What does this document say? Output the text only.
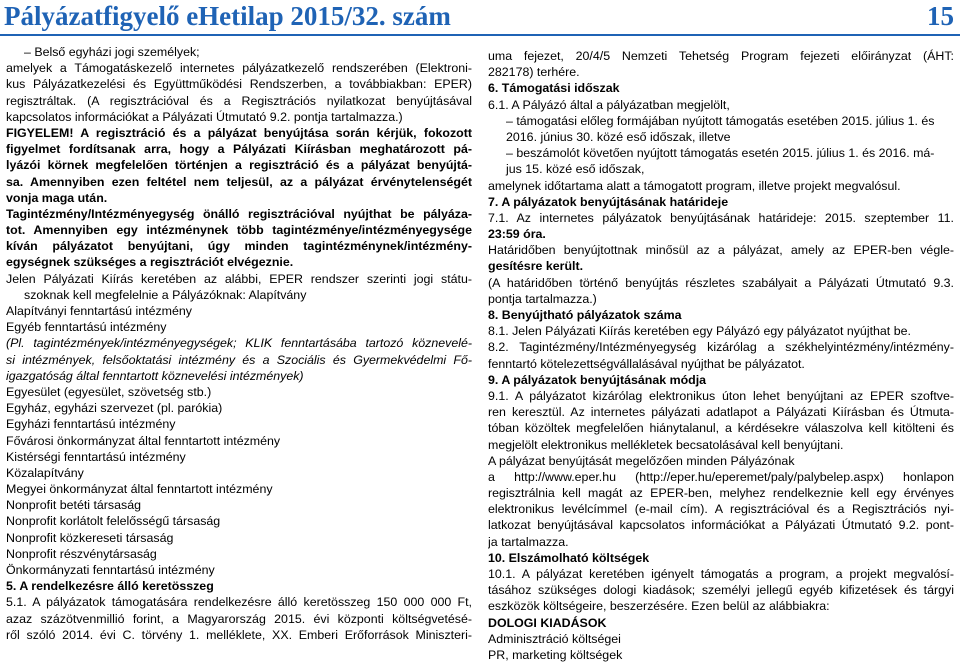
Pályázatfigyelő eHetilap 2015/32. szám	15
– Belső egyházi jogi személyek;
amelyek a Támogatáskezelő internetes pályázatkezelő rendszerében (Elektroni-
kus Pályázatkezelési és Együttműködési Rendszerben, a továbbiakban: EPER)
regisztráltak. (A regisztrációval és a Regisztrációs nyilatkozat benyújtásával
kapcsolatos információkat a Pályázati Útmutató 9.2. pontja tartalmazza.)
FIGYELEM! A regisztráció és a pályázat benyújtása során kérjük, fokozott
figyelmet fordítsanak arra, hogy a Pályázati Kiírásban meghatározott pá-
lyázói körnek megfelelően történjen a regisztráció és a pályázat benyújtá-
sa. Amennyiben ezen feltétel nem teljesül, az a pályázat érvénytelenségét
vonja maga után.
Tagintézmény/Intézményegység önálló regisztrációval nyújthat be pályáza-
tot. Amennyiben egy intézménynek több tagintézménye/intézményegysége
kíván pályázatot benyújtani, úgy minden tagintézménynek/intézmény-
egységnek szükséges a regisztrációt elvégeznie.
Jelen Pályázati Kiírás keretében az alábbi, EPER rendszer szerinti jogi státu-
szoknak kell megfelelnie a Pályázóknak: Alapítvány
Alapítványi fenntartású intézmény
Egyéb fenntartású intézmény
(Pl. tagintézmények/intézményegységek; KLIK fenntartásába tartozó köznevelé-
si intézmények, felsőoktatási intézmény és a Szociális és Gyermekvédelmi Fő-
igazgatóság által fenntartott köznevelési intézmények)
Egyesület (egyesület, szövetség stb.)
Egyház, egyházi szervezet (pl. parókia)
Egyházi fenntartású intézmény
Fővárosi önkormányzat által fenntartott intézmény
Kistérségi fenntartású intézmény
Közalapítvány
Megyei önkormányzat által fenntartott intézmény
Nonprofit betéti társaság
Nonprofit korlátolt felelősségű társaság
Nonprofit közkereseti társaság
Nonprofit részvénytársaság
Önkormányzati fenntartású intézmény
5. A rendelkezésre álló keretösszeg
5.1. A pályázatok támogatására rendelkezésre álló keretösszeg 150 000 000 Ft,
azaz százötvenmillió forint, a Magyarország 2015. évi központi költségvetésé-
ről szóló 2014. évi C. törvény 1. melléklete, XX. Emberi Erőforrások Miniszteri-
uma fejezet, 20/4/5 Nemzeti Tehetség Program fejezeti előirányzat (ÁHT:
282178) terhére.
6. Támogatási időszak
6.1. A Pályázó által a pályázatban megjelölt,
– támogatási előleg formájában nyújtott támogatás esetében 2015. július 1. és
2016. június 30. közé eső időszak, illetve
– beszámolót követően nyújtott támogatás esetén 2015. július 1. és 2016. má-
jus 15. közé eső időszak,
amelynek időtartama alatt a támogatott program, illetve projekt megvalósul.
7. A pályázatok benyújtásának határideje
7.1. Az internetes pályázatok benyújtásának határideje: 2015. szeptember 11.
23:59 óra.
Határidőben benyújtottnak minősül az a pályázat, amely az EPER-ben végle-
gesítésre került.
(A határidőben történő benyújtás részletes szabályait a Pályázati Útmutató 9.3.
pontja tartalmazza.)
8. Benyújtható pályázatok száma
8.1. Jelen Pályázati Kiírás keretében egy Pályázó egy pályázatot nyújthat be.
8.2. Tagintézmény/Intézményegység kizárólag a székhelyintézmény/intézmény-
fenntartó kötelezettségvállalásával nyújthat be pályázatot.
9. A pályázatok benyújtásának módja
9.1. A pályázatot kizárólag elektronikus úton lehet benyújtani az EPER szoftve-
ren keresztül. Az internetes pályázati adatlapot a Pályázati Kiírásban és Útmuta-
tóban közöltek megfelelően hiánytalanul, a kérdésekre válaszolva kell kitölteni és
megjelölt elektronikus mellékletek becsatolásával kell benyújtani.
A pályázat benyújtását megelőzően minden Pályázónak
a http://www.eper.hu (http://eper.hu/eperemet/paly/palybelep.aspx) honlapon
regisztrálnia kell magát az EPER-ben, melyhez rendelkeznie kell egy érvényes
elektronikus levélcímmel (e-mail cím). A regisztrációval és a Regisztrációs nyi-
latkozat benyújtásával kapcsolatos információkat a Pályázati Útmutató 9.2. pont-
ja tartalmazza.
10. Elszámolható költségek
10.1. A pályázat keretében igényelt támogatás a program, a projekt megvalósí-
tásához szükséges dologi kiadások; személyi jellegű egyéb kifizetések és tárgyi
eszközök költségeire, beszerzésére. Ezen belül az alábbiakra:
DOLOGI KIADÁSOK
Adminisztráció költségei
PR, marketing költségek
